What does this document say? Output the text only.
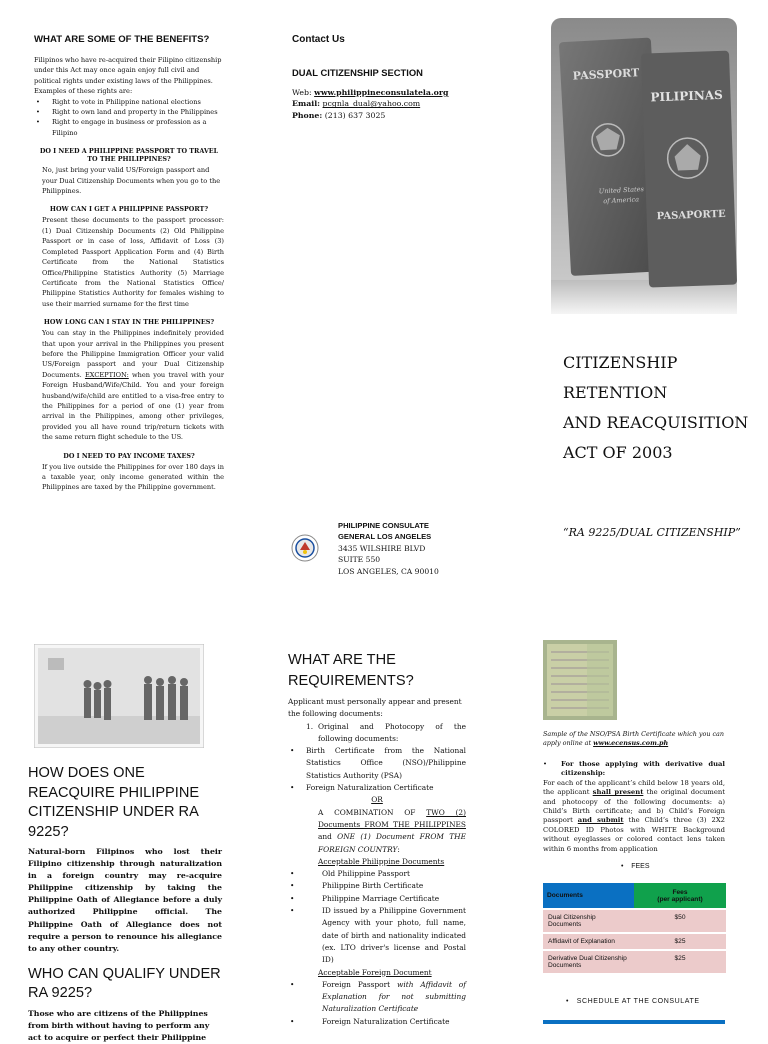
WHAT ARE SOME OF THE BENEFITS?

Filipinos who have re-acquired their Filipino citizenship under this Act may once again enjoy full civil and political rights under existing laws of the Philippines. Examples of these rights are:

• Right to vote in Philippine national elections
• Right to own land and property in the Philippines
• Right to engage in business or profession as a Filipino
DO I NEED A PHILIPPINE PASSPORT TO TRAVEL TO THE PHILIPPINES?

No, just bring your valid US/Foreign passport and your Dual Citizenship Documents when you go to the Philippines.

HOW CAN I GET A PHILIPPINE PASSPORT?

Present these documents to the passport processor: (1) Dual Citizenship Documents (2) Old Philippine Passport or in case of loss, Affidavit of Loss (3) Completed Passport Application Form and (4) Birth Certificate from the National Statistics Office/Philippine Statistics Authority (5) Marriage Certificate from the National Statistics Office/ Philippine Statistics Authority for females wishing to use their married surname for the first time

HOW LONG CAN I STAY IN THE PHILIPPINES?

You can stay in the Philippines indefinitely provided that upon your arrival in the Philippines you present before the Philippine Immigration Officer your valid US/Foreign passport and your Dual Citizenship Documents. EXCEPTION: when you travel with your Foreign Husband/Wife/Child. You and your foreign husband/wife/child are entitled to a visa-free entry to the Philippines for a period of one (1) year from arrival in the Philippines, among other privileges, provided you all have round trip/return tickets with the same return flight schedule to the US.

DO I NEED TO PAY INCOME TAXES?

If you live outside the Philippines for over 180 days in a taxable year, only income generated within the Philippines are taxed by the Philippine government.

Contact Us
DUAL CITIZENSHIP SECTION
Web: www.philippineconsulatela.org
Email: pcgnla_dual@yahoo.com
Phone: (213) 637 3025
PASSPORT
United States
of America
PILIPINAS
PASAPORTE
CITIZENSHIP
RETENTION
AND REACQUISITION
ACT OF 2003
“RA 9225/DUAL CITIZENSHIP”
PHILIPPINE CONSULATE
GENERAL LOS ANGELES
3435 WILSHIRE BLVD
SUITE 550
LOS ANGELES, CA 90010
HOW DOES ONE REACQUIRE PHILIPPINE CITIZENSHIP UNDER RA 9225?

Natural-born Filipinos who lost their Filipino citizenship through naturalization in a foreign country may re-acquire Philippine citizenship by taking the Philippine Oath of Allegiance before a duly authorized Philippine official. The Philippine Oath of Allegiance does not require a person to renounce his allegiance to any other country.

WHO CAN QUALIFY UNDER RA 9225?

Those who are citizens of the Philippines from birth without having to perform any act to acquire or perfect their Philippine

WHAT ARE THE REQUIREMENTS?

Applicant must personally appear and present the following documents:

1. Original and Photocopy of the following documents:
• Birth Certificate from the National Statistics Office (NSO)/Philippine Statistics Authority (PSA)
• Foreign Naturalization Certificate
OR

A COMBINATION OF TWO (2) Documents FROM THE PHILIPPINES and ONE (1) Document FROM THE FOREIGN COUNTRY:

Acceptable Philippine Documents
• Old Philippine Passport
• Philippine Birth Certificate
• Philippine Marriage Certificate
• ID issued by a Philippine Government Agency with your photo, full name, date of birth and nationality indicated (ex. LTO driver's license and Postal ID)
Acceptable Foreign Document
• Foreign Passport with Affidavit of Explanation for not submitting Naturalization Certificate
• Foreign Naturalization Certificate

Sample of the NSO/PSA Birth Certificate which you can apply online at www.ecensus.com.ph

•	For those applying with derivative dual citizenship:

For each of the applicant’s child below 18 years old, the applicant shall present the original document and photocopy of the following documents: a) Child’s Birth certificate; and b) Child’s Foreign passport and submit the Child’s three (3) 2X2 COLORED ID Photos with WHITE Background without eyeglasses or colored contact lens taken within 6 months from application

•    FEES
Documents	Fees
(per applicant)
Dual Citizenship Documents	$50
Affidavit of Explanation	$25
Derivative Dual Citizenship Documents	$25
•   SCHEDULE AT THE CONSULATE
